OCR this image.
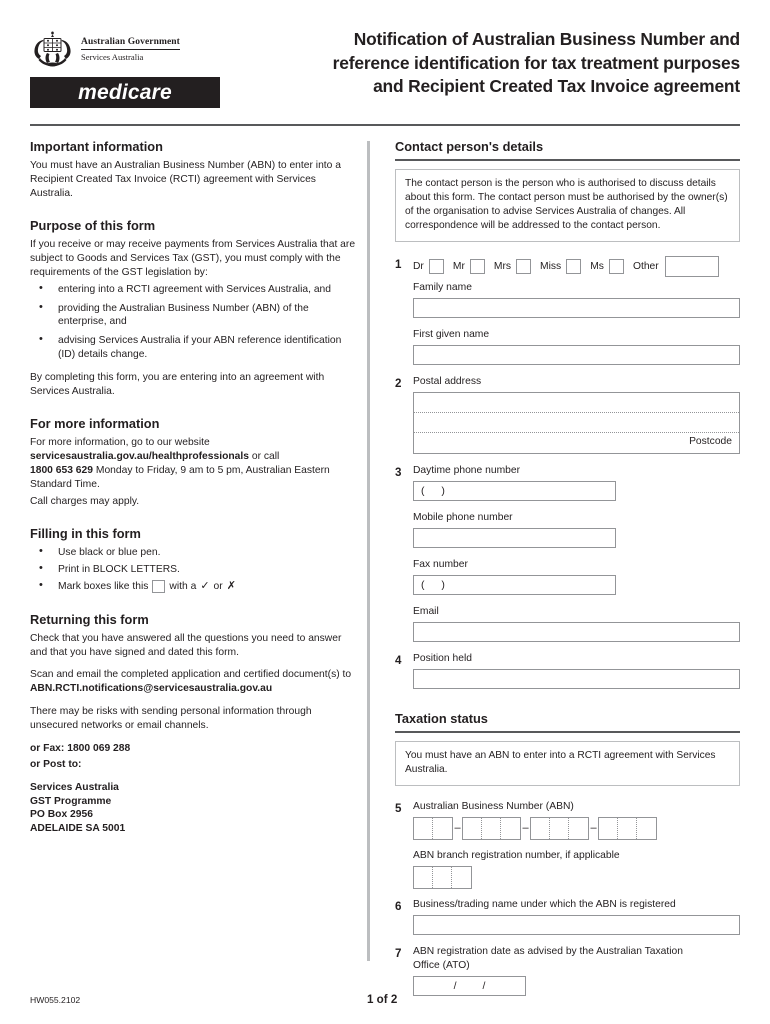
Australian Government
Services Australia
medicare
Notification of Australian Business Number and
reference identification for tax treatment purposes
and Recipient Created Tax Invoice agreement
Important information

You must have an Australian Business Number (ABN) to enter into a Recipient Created Tax Invoice (RCTI) agreement with Services Australia.

Purpose of this form

If you receive or may receive payments from Services Australia that are subject to Goods and Services Tax (GST), you must comply with the requirements of the GST legislation by:

• entering into a RCTI agreement with Services Australia, and
• providing the Australian Business Number (ABN) of the enterprise, and
• advising Services Australia if your ABN reference identification (ID) details change.

By completing this form, you are entering into an agreement with Services Australia.

For more information

For more information, go to our website
servicesaustralia.gov.au/healthprofessionals or call
1800 653 629 Monday to Friday, 9 am to 5 pm, Australian Eastern Standard Time.

Call charges may apply.

Filling in this form
• Use black or blue pen.
• Print in BLOCK LETTERS.
• Mark boxes like this with a ✓ or ✗
Returning this form

Check that you have answered all the questions you need to answer and that you have signed and dated this form.

Scan and email the completed application and certified document(s) to ABN.RCTI.notifications@servicesaustralia.gov.au

There may be risks with sending personal information through unsecured networks or email channels.

or Fax: 1800 069 288

or Post to:

Services Australia
GST Programme
PO Box 2956
ADELAIDE SA 5001

Contact person's details
The contact person is the person who is authorised to discuss details about this form. The contact person must be authorised by the owner(s) of the organisation to advise Services Australia of changes. All correspondence will be addressed to the contact person.
1	Dr	Mr	Mrs	Miss	Ms	Other
Family name
First given name
2	Postal address
Postcode
3	Daytime phone number
( )
Mobile phone number
Fax number
( )
Email
4	Position held
Taxation status
You must have an ABN to enter into a RCTI agreement with Services Australia.
5	Australian Business Number (ABN)
–	–	–
ABN branch registration number, if applicable
6	Business/trading name under which the ABN is registered
7	ABN registration date as advised by the Australian Taxation
Office (ATO)
/ /
HW055.2102	1 of 2
